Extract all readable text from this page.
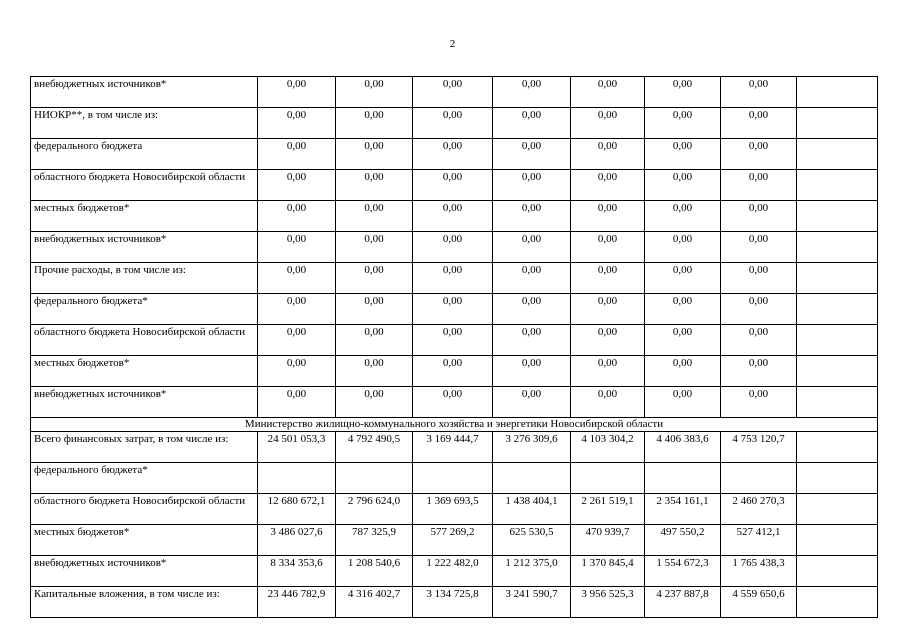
2
внебюджетных источников*	0,00	0,00	0,00	0,00	0,00	0,00	0,00	
НИОКР**, в том числе из:	0,00	0,00	0,00	0,00	0,00	0,00	0,00	
федерального бюджета	0,00	0,00	0,00	0,00	0,00	0,00	0,00	
областного бюджета Новосибирской области	0,00	0,00	0,00	0,00	0,00	0,00	0,00	
местных бюджетов*	0,00	0,00	0,00	0,00	0,00	0,00	0,00	
внебюджетных источников*	0,00	0,00	0,00	0,00	0,00	0,00	0,00	
Прочие расходы, в том числе из:	0,00	0,00	0,00	0,00	0,00	0,00	0,00	
федерального бюджета*	0,00	0,00	0,00	0,00	0,00	0,00	0,00	
областного бюджета Новосибирской области	0,00	0,00	0,00	0,00	0,00	0,00	0,00	
местных бюджетов*	0,00	0,00	0,00	0,00	0,00	0,00	0,00	
внебюджетных источников*	0,00	0,00	0,00	0,00	0,00	0,00	0,00	
Министерство жилищно-коммунального хозяйства и энергетики Новосибирской области								
Всего финансовых затрат, в том числе из:	24 501 053,3	4 792 490,5	3 169 444,7	3 276 309,6	4 103 304,2	4 406 383,6	4 753 120,7	
федерального бюджета*								
областного бюджета Новосибирской области	12 680 672,1	2 796 624,0	1 369 693,5	1 438 404,1	2 261 519,1	2 354 161,1	2 460 270,3	
местных бюджетов*	3 486 027,6	787 325,9	577 269,2	625 530,5	470 939,7	497 550,2	527 412,1	
внебюджетных источников*	8 334 353,6	1 208 540,6	1 222 482,0	1 212 375,0	1 370 845,4	1 554 672,3	1 765 438,3	
Капитальные вложения, в том числе из:	23 446 782,9	4 316 402,7	3 134 725,8	3 241 590,7	3 956 525,3	4 237 887,8	4 559 650,6	
